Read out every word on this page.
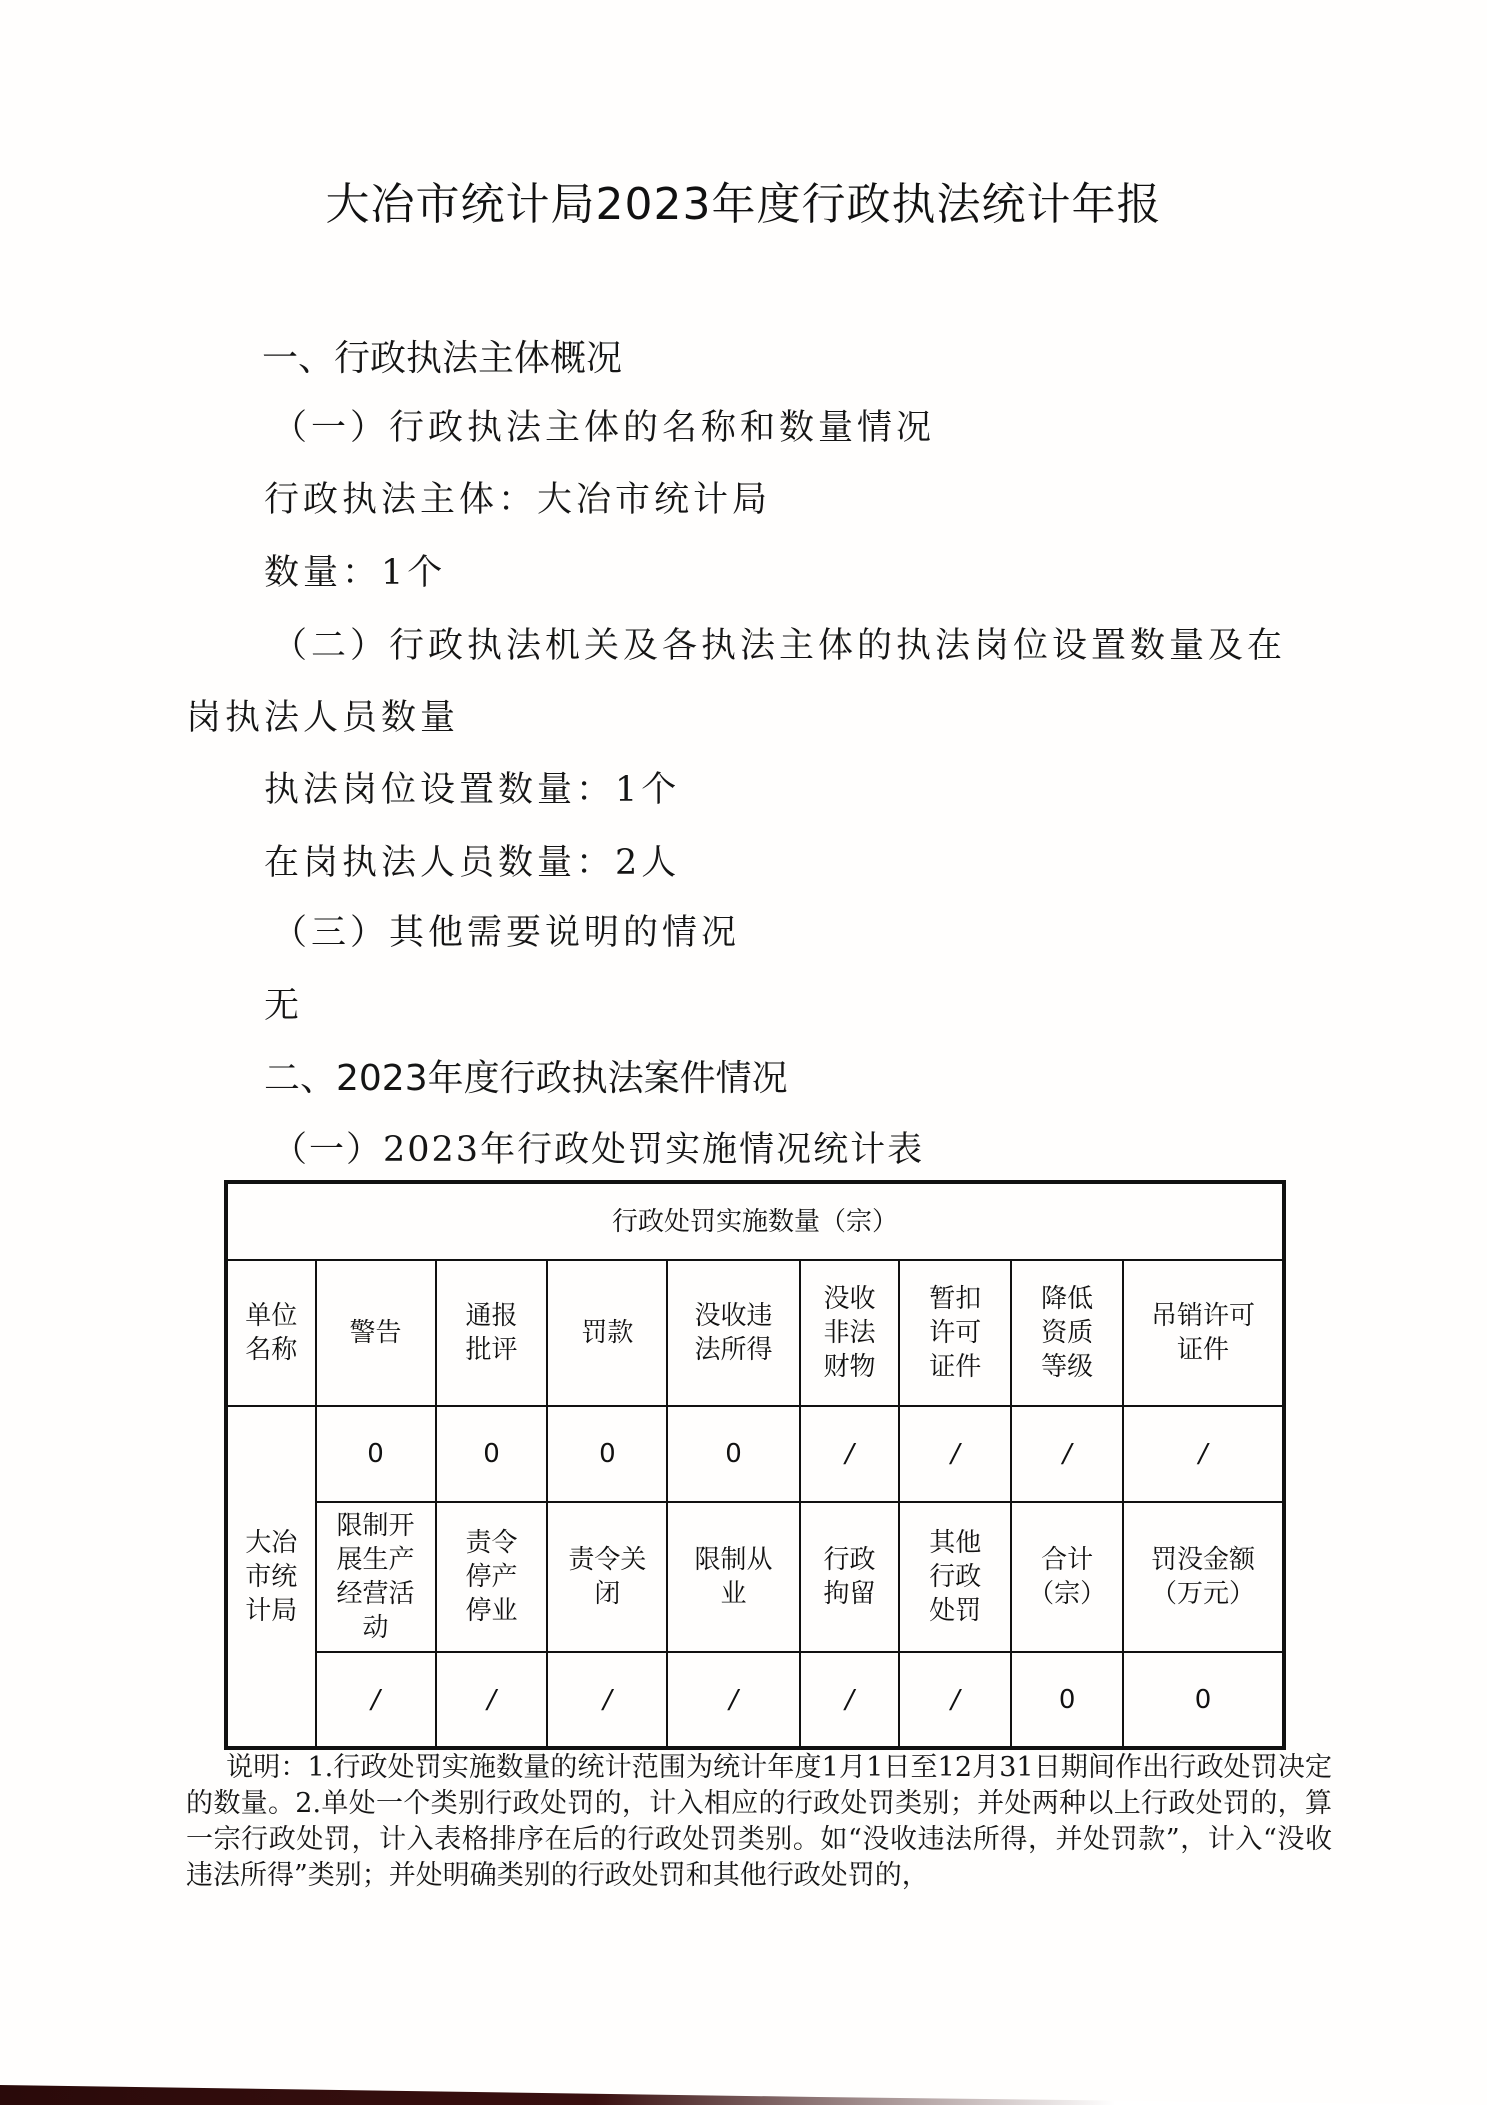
大冶市统计局2023年度行政执法统计年报
一、行政执法主体概况
（一）行政执法主体的名称和数量情况
行政执法主体：大冶市统计局
数量：1个
（二）行政执法机关及各执法主体的执法岗位设置数量及在
岗执法人员数量
执法岗位设置数量：1个
在岗执法人员数量：2人
（三）其他需要说明的情况
无
二、2023年度行政执法案件情况
（一）2023年行政处罚实施情况统计表
行政处罚实施数量（宗）

单位
名称

警告

通报
批评

罚款

没收违
法所得

没收
非法
财物

暂扣
许可
证件

降低
资质
等级

吊销许可
证件

大冶
市统
计局
	0	0	0	0	/	/	/	/

限制开
展生产
经营活
动

责令
停产
停业

责令关
闭

限制从
业

行政
拘留

其他
行政
处罚

合计
（宗）

罚没金额
（万元）

/	/	/	/	/	/	0	0
说明：1.行政处罚实施数量的统计范围为统计年度1月1日至12月31日期间作出行政处罚决定的数量。2.单处一个类别行政处罚的，计入相应的行政处罚类别；并处两种以上行政处罚的，算一宗行政处罚，计入表格排序在后的行政处罚类别。如“没收违法所得，并处罚款”，计入“没收违法所得”类别；并处明确类别的行政处罚和其他行政处罚的，
